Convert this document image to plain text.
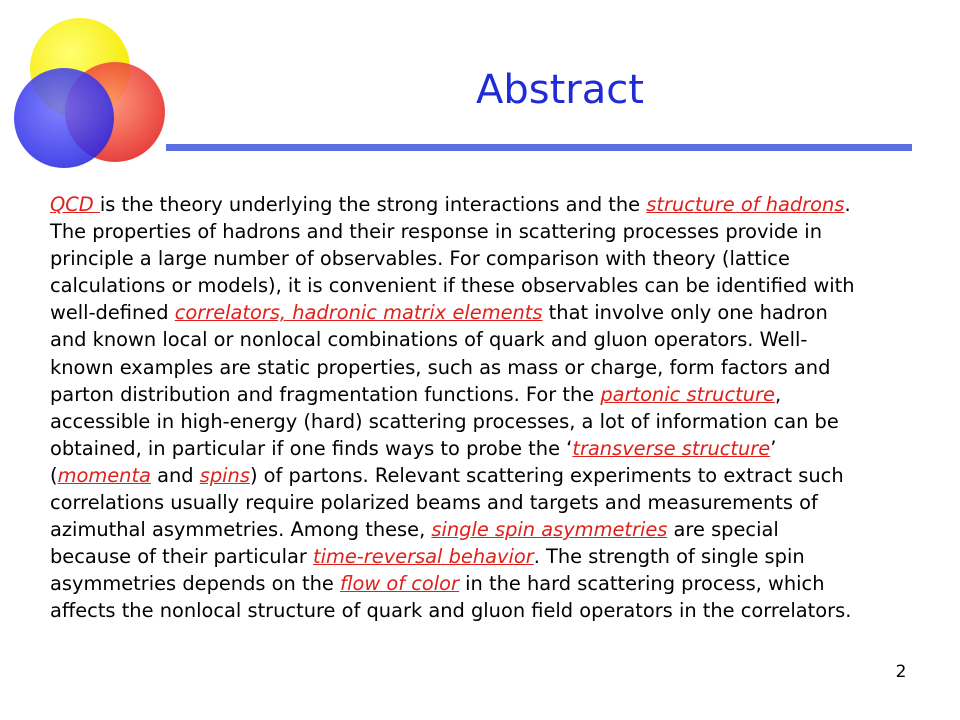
Abstract
QCD is the theory underlying the strong interactions and the structure of hadrons.
The properties of hadrons and their response in scattering processes provide in
principle a large number of observables. For comparison with theory (lattice
calculations or models), it is convenient if these observables can be identified with
well-defined correlators, hadronic matrix elements that involve only one hadron
and known local or nonlocal combinations of quark and gluon operators. Well-
known examples are static properties, such as mass or charge, form factors and
parton distribution and fragmentation functions. For the partonic structure,
accessible in high-energy (hard) scattering processes, a lot of information can be
obtained, in particular if one finds ways to probe the ‘transverse structure’
(momenta and spins) of partons. Relevant scattering experiments to extract such
correlations usually require polarized beams and targets and measurements of
azimuthal asymmetries. Among these, single spin asymmetries are special
because of their particular time-reversal behavior. The strength of single spin
asymmetries depends on the flow of color in the hard scattering process, which
affects the nonlocal structure of quark and gluon field operators in the correlators.
2
